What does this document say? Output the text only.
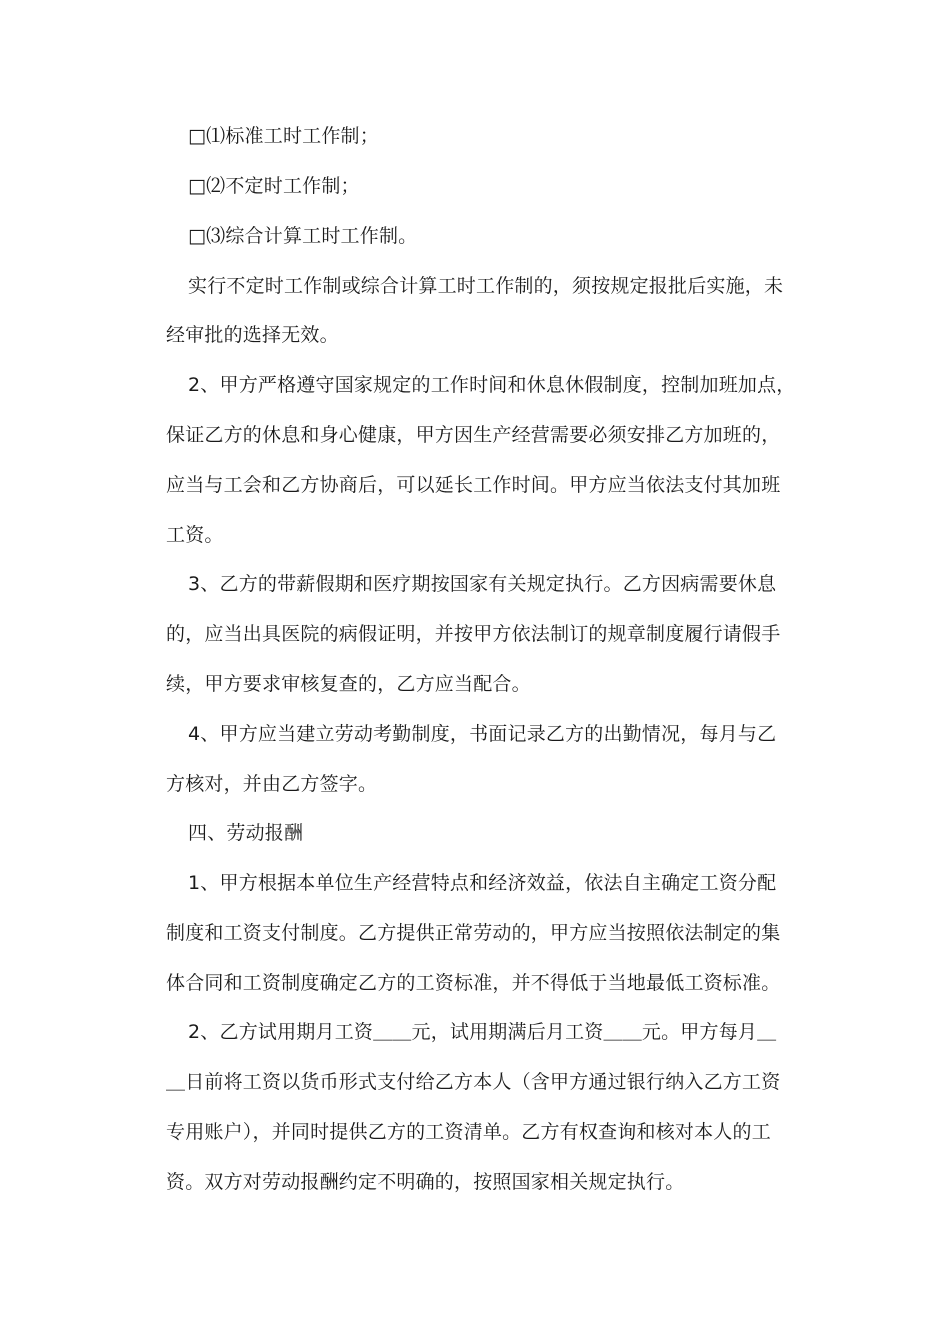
□⑴标准工时工作制；
□⑵不定时工作制；
□⑶综合计算工时工作制。
实行不定时工作制或综合计算工时工作制的，须按规定报批后实施，未
经审批的选择无效。
2、甲方严格遵守国家规定的工作时间和休息休假制度，控制加班加点，
保证乙方的休息和身心健康，甲方因生产经营需要必须安排乙方加班的，
应当与工会和乙方协商后，可以延长工作时间。甲方应当依法支付其加班
工资。
3、乙方的带薪假期和医疗期按国家有关规定执行。乙方因病需要休息
的，应当出具医院的病假证明，并按甲方依法制订的规章制度履行请假手
续，甲方要求审核复查的，乙方应当配合。
4、甲方应当建立劳动考勤制度，书面记录乙方的出勤情况，每月与乙
方核对，并由乙方签字。
四、劳动报酬
1、甲方根据本单位生产经营特点和经济效益，依法自主确定工资分配
制度和工资支付制度。乙方提供正常劳动的，甲方应当按照依法制定的集
体合同和工资制度确定乙方的工资标准，并不得低于当地最低工资标准。
2、乙方试用期月工资＿＿元，试用期满后月工资＿＿元。甲方每月＿
＿日前将工资以货币形式支付给乙方本人（含甲方通过银行纳入乙方工资
专用账户），并同时提供乙方的工资清单。乙方有权查询和核对本人的工
资。双方对劳动报酬约定不明确的，按照国家相关规定执行。
